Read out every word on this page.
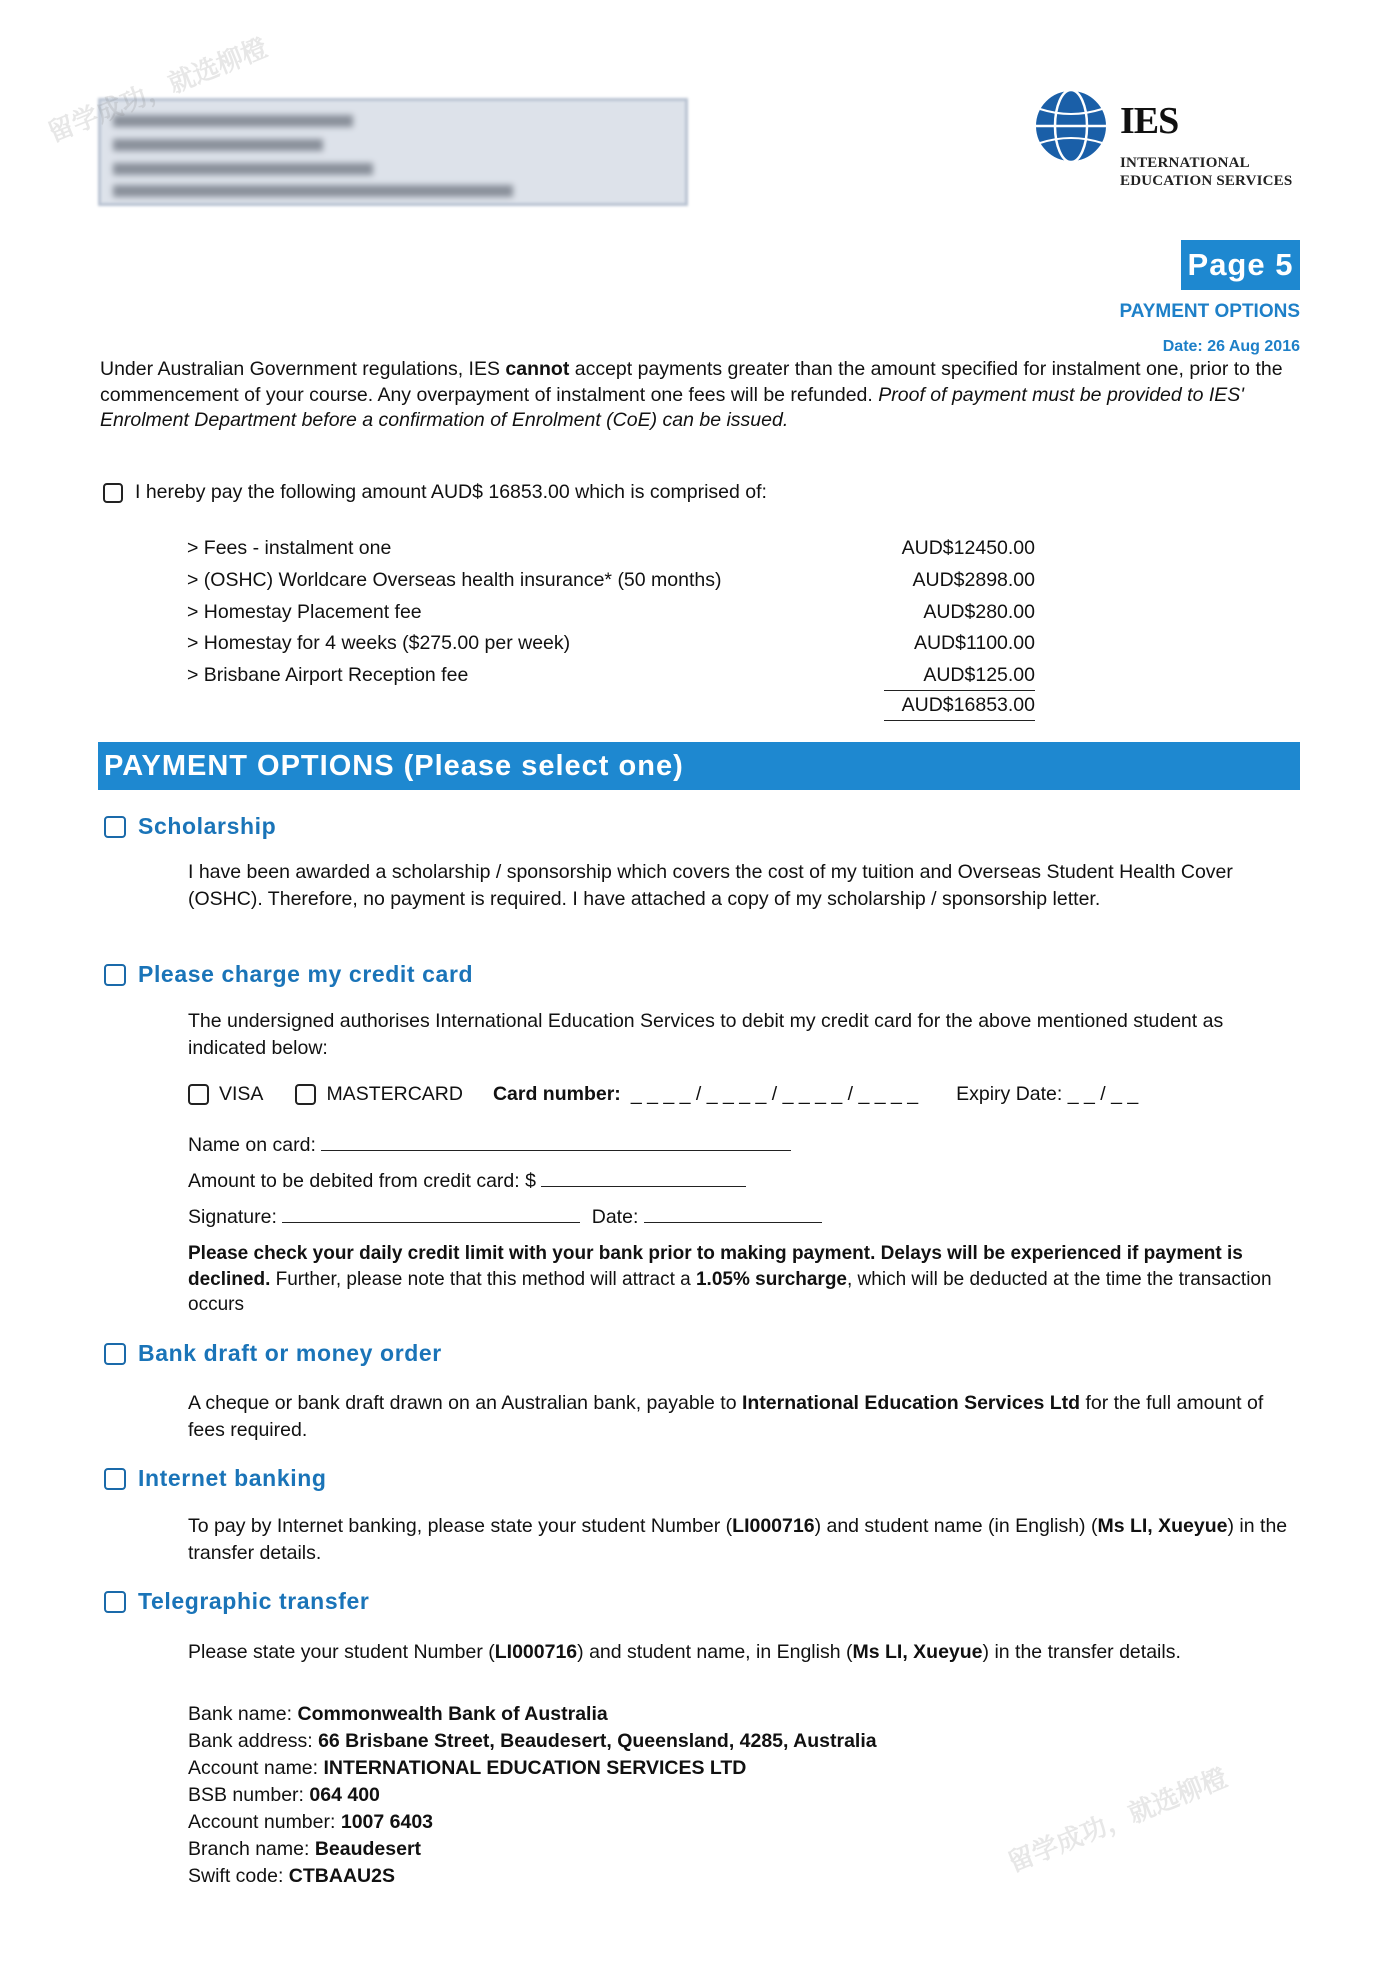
IES
INTERNATIONAL
EDUCATION SERVICES
Page 5
PAYMENT OPTIONS
Date: 26 Aug 2016
Under Australian Government regulations, IES cannot accept payments greater than the amount specified for instalment one, prior to the commencement of your course. Any overpayment of instalment one fees will be refunded. Proof of payment must be provided to IES' Enrolment Department before a confirmation of Enrolment (CoE) can be issued.
I hereby pay the following amount AUD$ 16853.00 which is comprised of:
> Fees - instalment one
> (OSHC) Worldcare Overseas health insurance* (50 months)
> Homestay Placement fee
> Homestay for 4 weeks ($275.00 per week)
> Brisbane Airport Reception fee
AUD$12450.00
AUD$2898.00
AUD$280.00
AUD$1100.00
AUD$125.00
AUD$16853.00
PAYMENT OPTIONS (Please select one)
Scholarship
I have been awarded a scholarship / sponsorship which covers the cost of my tuition and Overseas Student Health Cover (OSHC). Therefore, no payment is required. I have attached a copy of my scholarship / sponsorship letter.
Please charge my credit card
The undersigned authorises International Education Services to debit my credit card for the above mentioned student as indicated below:
VISA	MASTERCARD Card number: _ _ _ _ / _ _ _ _ / _ _ _ _ / _ _ _ _ Expiry Date: _ _ / _ _
Name on card:
Amount to be debited from credit card: $
Signature:	Date:
Please check your daily credit limit with your bank prior to making payment. Delays will be experienced if payment is declined. Further, please note that this method will attract a 1.05% surcharge, which will be deducted at the time the transaction occurs
Bank draft or money order
A cheque or bank draft drawn on an Australian bank, payable to International Education Services Ltd for the full amount of fees required.
Internet banking
To pay by Internet banking, please state your student Number (LI000716) and student name (in English) (Ms LI, Xueyue) in the transfer details.
Telegraphic transfer
Please state your student Number (LI000716) and student name, in English (Ms LI, Xueyue) in the transfer details.
Bank name: Commonwealth Bank of Australia
Bank address: 66 Brisbane Street, Beaudesert, Queensland, 4285, Australia
Account name: INTERNATIONAL EDUCATION SERVICES LTD
BSB number: 064 400
Account number: 1007 6403
Branch name: Beaudesert
Swift code: CTBAAU2S
留学成功，就选柳橙
留学成功，就选柳橙
